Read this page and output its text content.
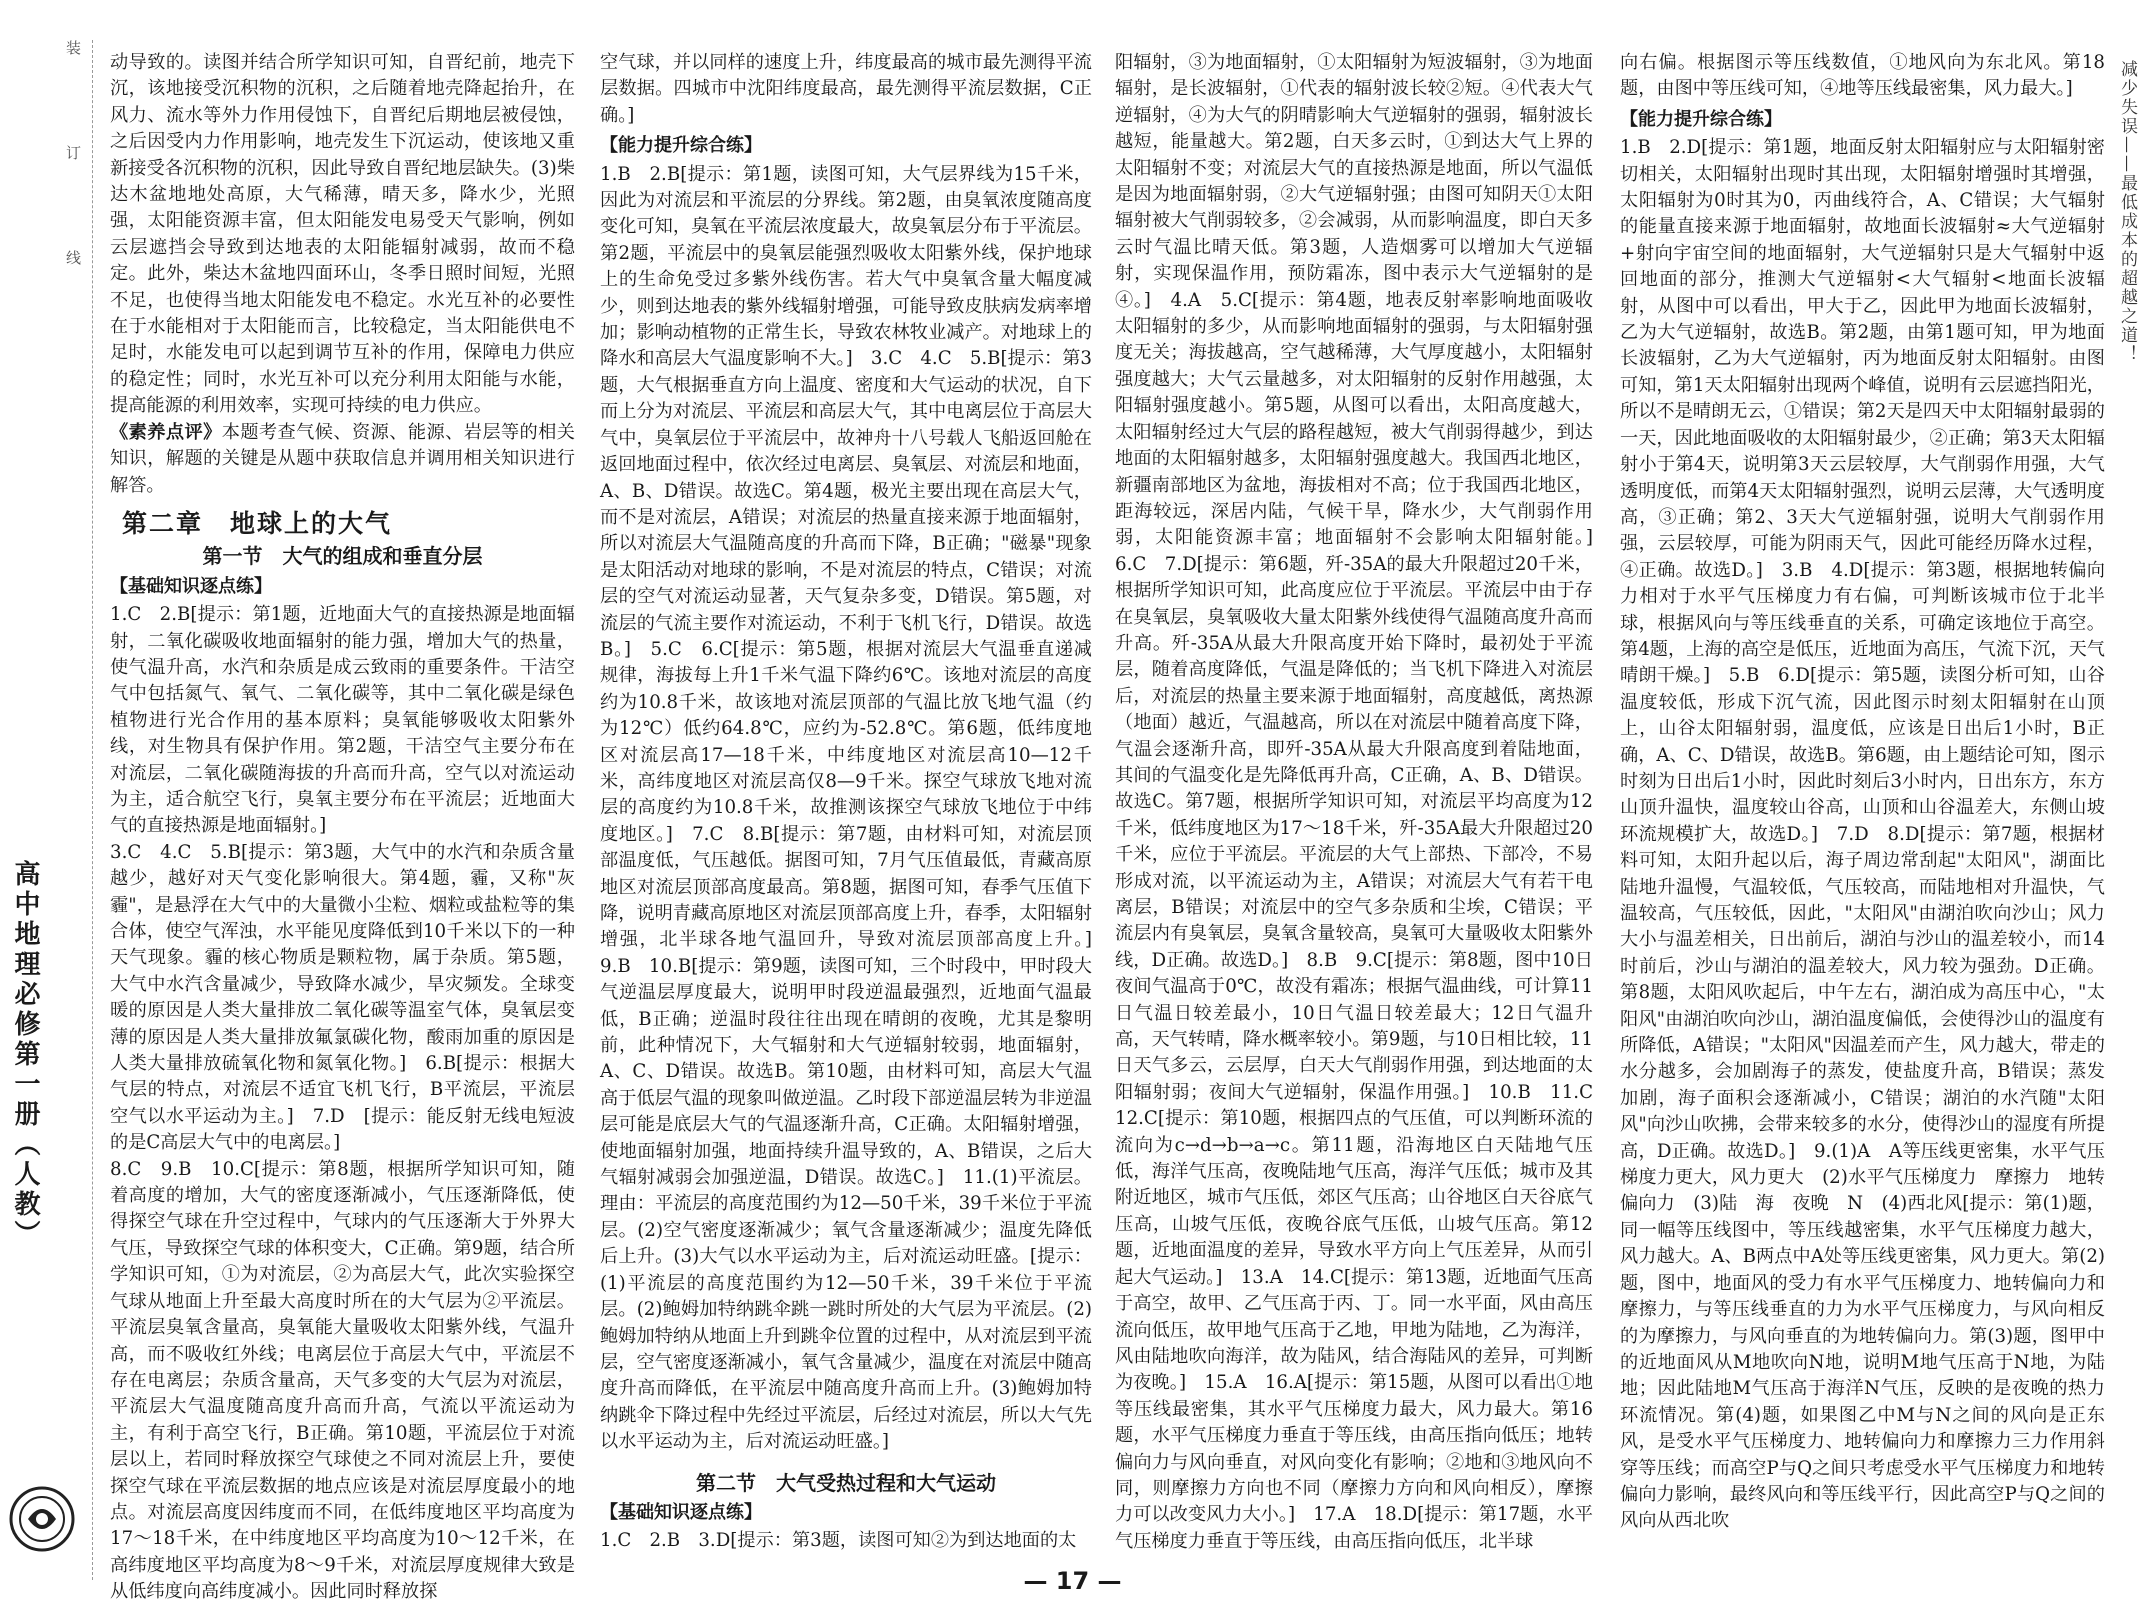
高中地理必修第一册（人教）
装　　　　订　　　　线	减少失误——最低成本的超越之道！

动导致的。读图并结合所学知识可知，自晋纪前，地壳下沉，该地接受沉积物的沉积，之后随着地壳降起抬升，在风力、流水等外力作用侵蚀下，自晋纪后期地层被侵蚀，之后因受内力作用影响，地壳发生下沉运动，使该地又重新接受各沉积物的沉积，因此导致自晋纪地层缺失。(3)柴达木盆地地处高原，大气稀薄，晴天多，降水少，光照强，太阳能资源丰富，但太阳能发电易受天气影响，例如云层遮挡会导致到达地表的太阳能辐射减弱，故而不稳定。此外，柴达木盆地四面环山，冬季日照时间短，光照不足，也使得当地太阳能发电不稳定。水光互补的必要性在于水能相对于太阳能而言，比较稳定，当太阳能供电不足时，水能发电可以起到调节互补的作用，保障电力供应的稳定性；同时，水光互补可以充分利用太阳能与水能，提高能源的利用效率，实现可持续的电力供应。

《素养点评》本题考查气候、资源、能源、岩层等的相关知识，解题的关键是从题中获取信息并调用相关知识进行解答。

第二章　地球上的大气
第一节　大气的组成和垂直分层
【基础知识逐点练】

1.C　2.B[提示：第1题，近地面大气的直接热源是地面辐射，二氧化碳吸收地面辐射的能力强，增加大气的热量，使气温升高，水汽和杂质是成云致雨的重要条件。干洁空气中包括氮气、氧气、二氧化碳等，其中二氧化碳是绿色植物进行光合作用的基本原料；臭氧能够吸收太阳紫外线，对生物具有保护作用。第2题，干洁空气主要分布在对流层，二氧化碳随海拔的升高而升高，空气以对流运动为主，适合航空飞行，臭氧主要分布在平流层；近地面大气的直接热源是地面辐射。]

3.C　4.C　5.B[提示：第3题，大气中的水汽和杂质含量越少，越好对天气变化影响很大。第4题，霾，又称"灰霾"，是悬浮在大气中的大量微小尘粒、烟粒或盐粒等的集合体，使空气浑浊，水平能见度降低到10千米以下的一种天气现象。霾的核心物质是颗粒物，属于杂质。第5题，大气中水汽含量减少，导致降水减少，旱灾频发。全球变暖的原因是人类大量排放二氧化碳等温室气体，臭氧层变薄的原因是人类大量排放氟氯碳化物，酸雨加重的原因是人类大量排放硫氧化物和氮氧化物。]　6.B[提示：根据大气层的特点，对流层不适宜飞机飞行，B平流层，平流层空气以水平运动为主。]　7.D　[提示：能反射无线电短波的是C高层大气中的电离层。]

8.C　9.B　10.C[提示：第8题，根据所学知识可知，随着高度的增加，大气的密度逐渐减小，气压逐渐降低，使得探空气球在升空过程中，气球内的气压逐渐大于外界大气压，导致探空气球的体积变大，C正确。第9题，结合所学知识可知，①为对流层，②为高层大气，此次实验探空气球从地面上升至最大高度时所在的大气层为②平流层。平流层臭氧含量高，臭氧能大量吸收太阳紫外线，气温升高，而不吸收红外线；电离层位于高层大气中，平流层不存在电离层；杂质含量高，天气多变的大气层为对流层，平流层大气温度随高度升高而升高，气流以平流运动为主，有利于高空飞行，B正确。第10题，平流层位于对流层以上，若同时释放探空气球使之不同对流层上升，要使探空气球在平流层数据的地点应该是对流层厚度最小的地点。对流层高度因纬度而不同，在低纬度地区平均高度为17～18千米，在中纬度地区平均高度为10～12千米，在高纬度地区平均高度为8～9千米，对流层厚度规律大致是从低纬度向高纬度减小。因此同时释放探

空气球，并以同样的速度上升，纬度最高的城市最先测得平流层数据。四城市中沈阳纬度最高，最先测得平流层数据，C正确。]

【能力提升综合练】

1.B　2.B[提示：第1题，读图可知，大气层界线为15千米，因此为对流层和平流层的分界线。第2题，由臭氧浓度随高度变化可知，臭氧在平流层浓度最大，故臭氧层分布于平流层。第2题，平流层中的臭氧层能强烈吸收太阳紫外线，保护地球上的生命免受过多紫外线伤害。若大气中臭氧含量大幅度减少，则到达地表的紫外线辐射增强，可能导致皮肤病发病率增加；影响动植物的正常生长，导致农林牧业减产。对地球上的降水和高层大气温度影响不大。]　3.C　4.C　5.B[提示：第3题，大气根据垂直方向上温度、密度和大气运动的状况，自下而上分为对流层、平流层和高层大气，其中电离层位于高层大气中，臭氧层位于平流层中，故神舟十八号载人飞船返回舱在返回地面过程中，依次经过电离层、臭氧层、对流层和地面，A、B、D错误。故选C。第4题，极光主要出现在高层大气，而不是对流层，A错误；对流层的热量直接来源于地面辐射，所以对流层大气温随高度的升高而下降，B正确；"磁暴"现象是太阳活动对地球的影响，不是对流层的特点，C错误；对流层的空气对流运动显著，天气复杂多变，D错误。第5题，对流层的气流主要作对流运动，不利于飞机飞行，D错误。故选B。]　5.C　6.C[提示：第5题，根据对流层大气温垂直递减规律，海拔每上升1千米气温下降约6℃。该地对流层的高度约为10.8千米，故该地对流层顶部的气温比放飞地气温（约为12℃）低约64.8℃，应约为-52.8℃。第6题，低纬度地区对流层高17—18千米，中纬度地区对流层高10—12千米，高纬度地区对流层高仅8—9千米。探空气球放飞地对流层的高度约为10.8千米，故推测该探空气球放飞地位于中纬度地区。]　7.C　8.B[提示：第7题，由材料可知，对流层顶部温度低，气压越低。据图可知，7月气压值最低，青藏高原地区对流层顶部高度最高。第8题，据图可知，春季气压值下降，说明青藏高原地区对流层顶部高度上升，春季，太阳辐射增强，北半球各地气温回升，导致对流层顶部高度上升。]　9.B　10.B[提示：第9题，读图可知，三个时段中，甲时段大气逆温层厚度最大，说明甲时段逆温最强烈，近地面气温最低，B正确；逆温时段往往出现在晴朗的夜晚，尤其是黎明前，此种情况下，大气辐射和大气逆辐射较弱，地面辐射，A、C、D错误。故选B。第10题，由材料可知，高层大气温高于低层气温的现象叫做逆温。乙时段下部逆温层转为非逆温层可能是底层大气的气温逐渐升高，C正确。太阳辐射增强，使地面辐射加强，地面持续升温导致的，A、B错误，之后大气辐射减弱会加强逆温，D错误。故选C。]　11.(1)平流层。理由：平流层的高度范围约为12—50千米，39千米位于平流层。(2)空气密度逐渐减少；氧气含量逐渐减少；温度先降低后上升。(3)大气以水平运动为主，后对流运动旺盛。[提示：(1)平流层的高度范围约为12—50千米，39千米位于平流层。(2)鲍姆加特纳跳伞跳一跳时所处的大气层为平流层。(2)鲍姆加特纳从地面上升到跳伞位置的过程中，从对流层到平流层，空气密度逐渐减小，氧气含量减少，温度在对流层中随高度升高而降低，在平流层中随高度升高而上升。(3)鲍姆加特纳跳伞下降过程中先经过平流层，后经过对流层，所以大气先以水平运动为主，后对流运动旺盛。]

第二节　大气受热过程和大气运动
【基础知识逐点练】

1.C　2.B　3.D[提示：第3题，读图可知②为到达地面的太

阳辐射，③为地面辐射，①太阳辐射为短波辐射，③为地面辐射，是长波辐射，①代表的辐射波长较②短。④代表大气逆辐射，④为大气的阴晴影响大气逆辐射的强弱，辐射波长越短，能量越大。第2题，白天多云时，①到达大气上界的太阳辐射不变；对流层大气的直接热源是地面，所以气温低是因为地面辐射弱，②大气逆辐射强；由图可知阴天①太阳辐射被大气削弱较多，②会减弱，从而影响温度，即白天多云时气温比晴天低。第3题，人造烟雾可以增加大气逆辐射，实现保温作用，预防霜冻，图中表示大气逆辐射的是④。]　4.A　5.C[提示：第4题，地表反射率影响地面吸收太阳辐射的多少，从而影响地面辐射的强弱，与太阳辐射强度无关；海拔越高，空气越稀薄，大气厚度越小，太阳辐射强度越大；大气云量越多，对太阳辐射的反射作用越强，太阳辐射强度越小。第5题，从图可以看出，太阳高度越大，太阳辐射经过大气层的路程越短，被大气削弱得越少，到达地面的太阳辐射越多，太阳辐射强度越大。我国西北地区，新疆南部地区为盆地，海拔相对不高；位于我国西北地区，距海较远，深居内陆，气候干旱，降水少，大气削弱作用弱，太阳能资源丰富；地面辐射不会影响太阳辐射能。]　6.C　7.D[提示：第6题，歼-35A的最大升限超过20千米，根据所学知识可知，此高度应位于平流层。平流层中由于存在臭氧层，臭氧吸收大量太阳紫外线使得气温随高度升高而升高。歼-35A从最大升限高度开始下降时，最初处于平流层，随着高度降低，气温是降低的；当飞机下降进入对流层后，对流层的热量主要来源于地面辐射，高度越低，离热源（地面）越近，气温越高，所以在对流层中随着高度下降，气温会逐渐升高，即歼-35A从最大升限高度到着陆地面，其间的气温变化是先降低再升高，C正确，A、B、D错误。故选C。第7题，根据所学知识可知，对流层平均高度为12千米，低纬度地区为17～18千米，歼-35A最大升限超过20千米，应位于平流层。平流层的大气上部热、下部冷，不易形成对流，以平流运动为主，A错误；对流层大气有若干电离层，B错误；对流层中的空气多杂质和尘埃，C错误；平流层内有臭氧层，臭氧含量较高，臭氧可大量吸收太阳紫外线，D正确。故选D。]　8.B　9.C[提示：第8题，图中10日夜间气温高于0℃，故没有霜冻；根据气温曲线，可计算11日气温日较差最小，10日气温日较差最大；12日气温升高，天气转晴，降水概率较小。第9题，与10日相比较，11日天气多云，云层厚，白天大气削弱作用强，到达地面的太阳辐射弱；夜间大气逆辐射，保温作用强。]　10.B　11.C　12.C[提示：第10题，根据四点的气压值，可以判断环流的流向为c→d→b→a→c。第11题，沿海地区白天陆地气压低，海洋气压高，夜晚陆地气压高，海洋气压低；城市及其附近地区，城市气压低，郊区气压高；山谷地区白天谷底气压高，山坡气压低，夜晚谷底气压低，山坡气压高。第12题，近地面温度的差异，导致水平方向上气压差异，从而引起大气运动。]　13.A　14.C[提示：第13题，近地面气压高于高空，故甲、乙气压高于丙、丁。同一水平面，风由高压流向低压，故甲地气压高于乙地，甲地为陆地，乙为海洋，风由陆地吹向海洋，故为陆风，结合海陆风的差异，可判断为夜晚。]　15.A　16.A[提示：第15题，从图可以看出①地等压线最密集，其水平气压梯度力最大，风力最大。第16题，水平气压梯度力垂直于等压线，由高压指向低压；地转偏向力与风向垂直，对风向变化有影响；②地和③地风向不同，则摩擦力方向也不同（摩擦力方向和风向相反），摩擦力可以改变风力大小。]　17.A　18.D[提示：第17题，水平气压梯度力垂直于等压线，由高压指向低压，北半球

向右偏。根据图示等压线数值，①地风向为东北风。第18题，由图中等压线可知，④地等压线最密集，风力最大。]

【能力提升综合练】

1.B　2.D[提示：第1题，地面反射太阳辐射应与太阳辐射密切相关，太阳辐射出现时其出现，太阳辐射增强时其增强，太阳辐射为0时其为0，丙曲线符合，A、C错误；大气辐射的能量直接来源于地面辐射，故地面长波辐射≈大气逆辐射+射向宇宙空间的地面辐射，大气逆辐射只是大气辐射中返回地面的部分，推测大气逆辐射<大气辐射<地面长波辐射，从图中可以看出，甲大于乙，因此甲为地面长波辐射，乙为大气逆辐射，故选B。第2题，由第1题可知，甲为地面长波辐射，乙为大气逆辐射，丙为地面反射太阳辐射。由图可知，第1天太阳辐射出现两个峰值，说明有云层遮挡阳光，所以不是晴朗无云，①错误；第2天是四天中太阳辐射最弱的一天，因此地面吸收的太阳辐射最少，②正确；第3天太阳辐射小于第4天，说明第3天云层较厚，大气削弱作用强，大气透明度低，而第4天太阳辐射强烈，说明云层薄，大气透明度高，③正确；第2、3天大气逆辐射强，说明大气削弱作用强，云层较厚，可能为阴雨天气，因此可能经历降水过程，④正确。故选D。]　3.B　4.D[提示：第3题，根据地转偏向力相对于水平气压梯度力有右偏，可判断该城市位于北半球，根据风向与等压线垂直的关系，可确定该地位于高空。第4题，上海的高空是低压，近地面为高压，气流下沉，天气晴朗干燥。]　5.B　6.D[提示：第5题，读图分析可知，山谷温度较低，形成下沉气流，因此图示时刻太阳辐射在山顶上，山谷太阳辐射弱，温度低，应该是日出后1小时，B正确，A、C、D错误，故选B。第6题，由上题结论可知，图示时刻为日出后1小时，因此时刻后3小时内，日出东方，东方山顶升温快，温度较山谷高，山顶和山谷温差大，东侧山坡环流规模扩大，故选D。]　7.D　8.D[提示：第7题，根据材料可知，太阳升起以后，海子周边常刮起"太阳风"，湖面比陆地升温慢，气温较低，气压较高，而陆地相对升温快，气温较高，气压较低，因此，"太阳风"由湖泊吹向沙山；风力大小与温差相关，日出前后，湖泊与沙山的温差较小，而14时前后，沙山与湖泊的温差较大，风力较为强劲。D正确。第8题，太阳风吹起后，中午左右，湖泊成为高压中心，"太阳风"由湖泊吹向沙山，湖泊温度偏低，会使得沙山的温度有所降低，A错误；"太阳风"因温差而产生，风力越大，带走的水分越多，会加剧海子的蒸发，使盐度升高，B错误；蒸发加剧，海子面积会逐渐减小，C错误；湖泊的水汽随"太阳风"向沙山吹拂，会带来较多的水分，使得沙山的湿度有所提高，D正确。故选D。]　9.(1)A　A等压线更密集，水平气压梯度力更大，风力更大　(2)水平气压梯度力　摩擦力　地转偏向力　(3)陆　海　夜晚　N　(4)西北风[提示：第(1)题，同一幅等压线图中，等压线越密集，水平气压梯度力越大，风力越大。A、B两点中A处等压线更密集，风力更大。第(2)题，图中，地面风的受力有水平气压梯度力、地转偏向力和摩擦力，与等压线垂直的力为水平气压梯度力，与风向相反的为摩擦力，与风向垂直的为地转偏向力。第(3)题，图甲中的近地面风从M地吹向N地，说明M地气压高于N地，为陆地；因此陆地M气压高于海洋N气压，反映的是夜晚的热力环流情况。第(4)题，如果图乙中M与N之间的风向是正东风，是受水平气压梯度力、地转偏向力和摩擦力三力作用斜穿等压线；而高空P与Q之间只考虑受水平气压梯度力和地转偏向力影响，最终风向和等压线平行，因此高空P与Q之间的风向从西北吹

— 17 —
